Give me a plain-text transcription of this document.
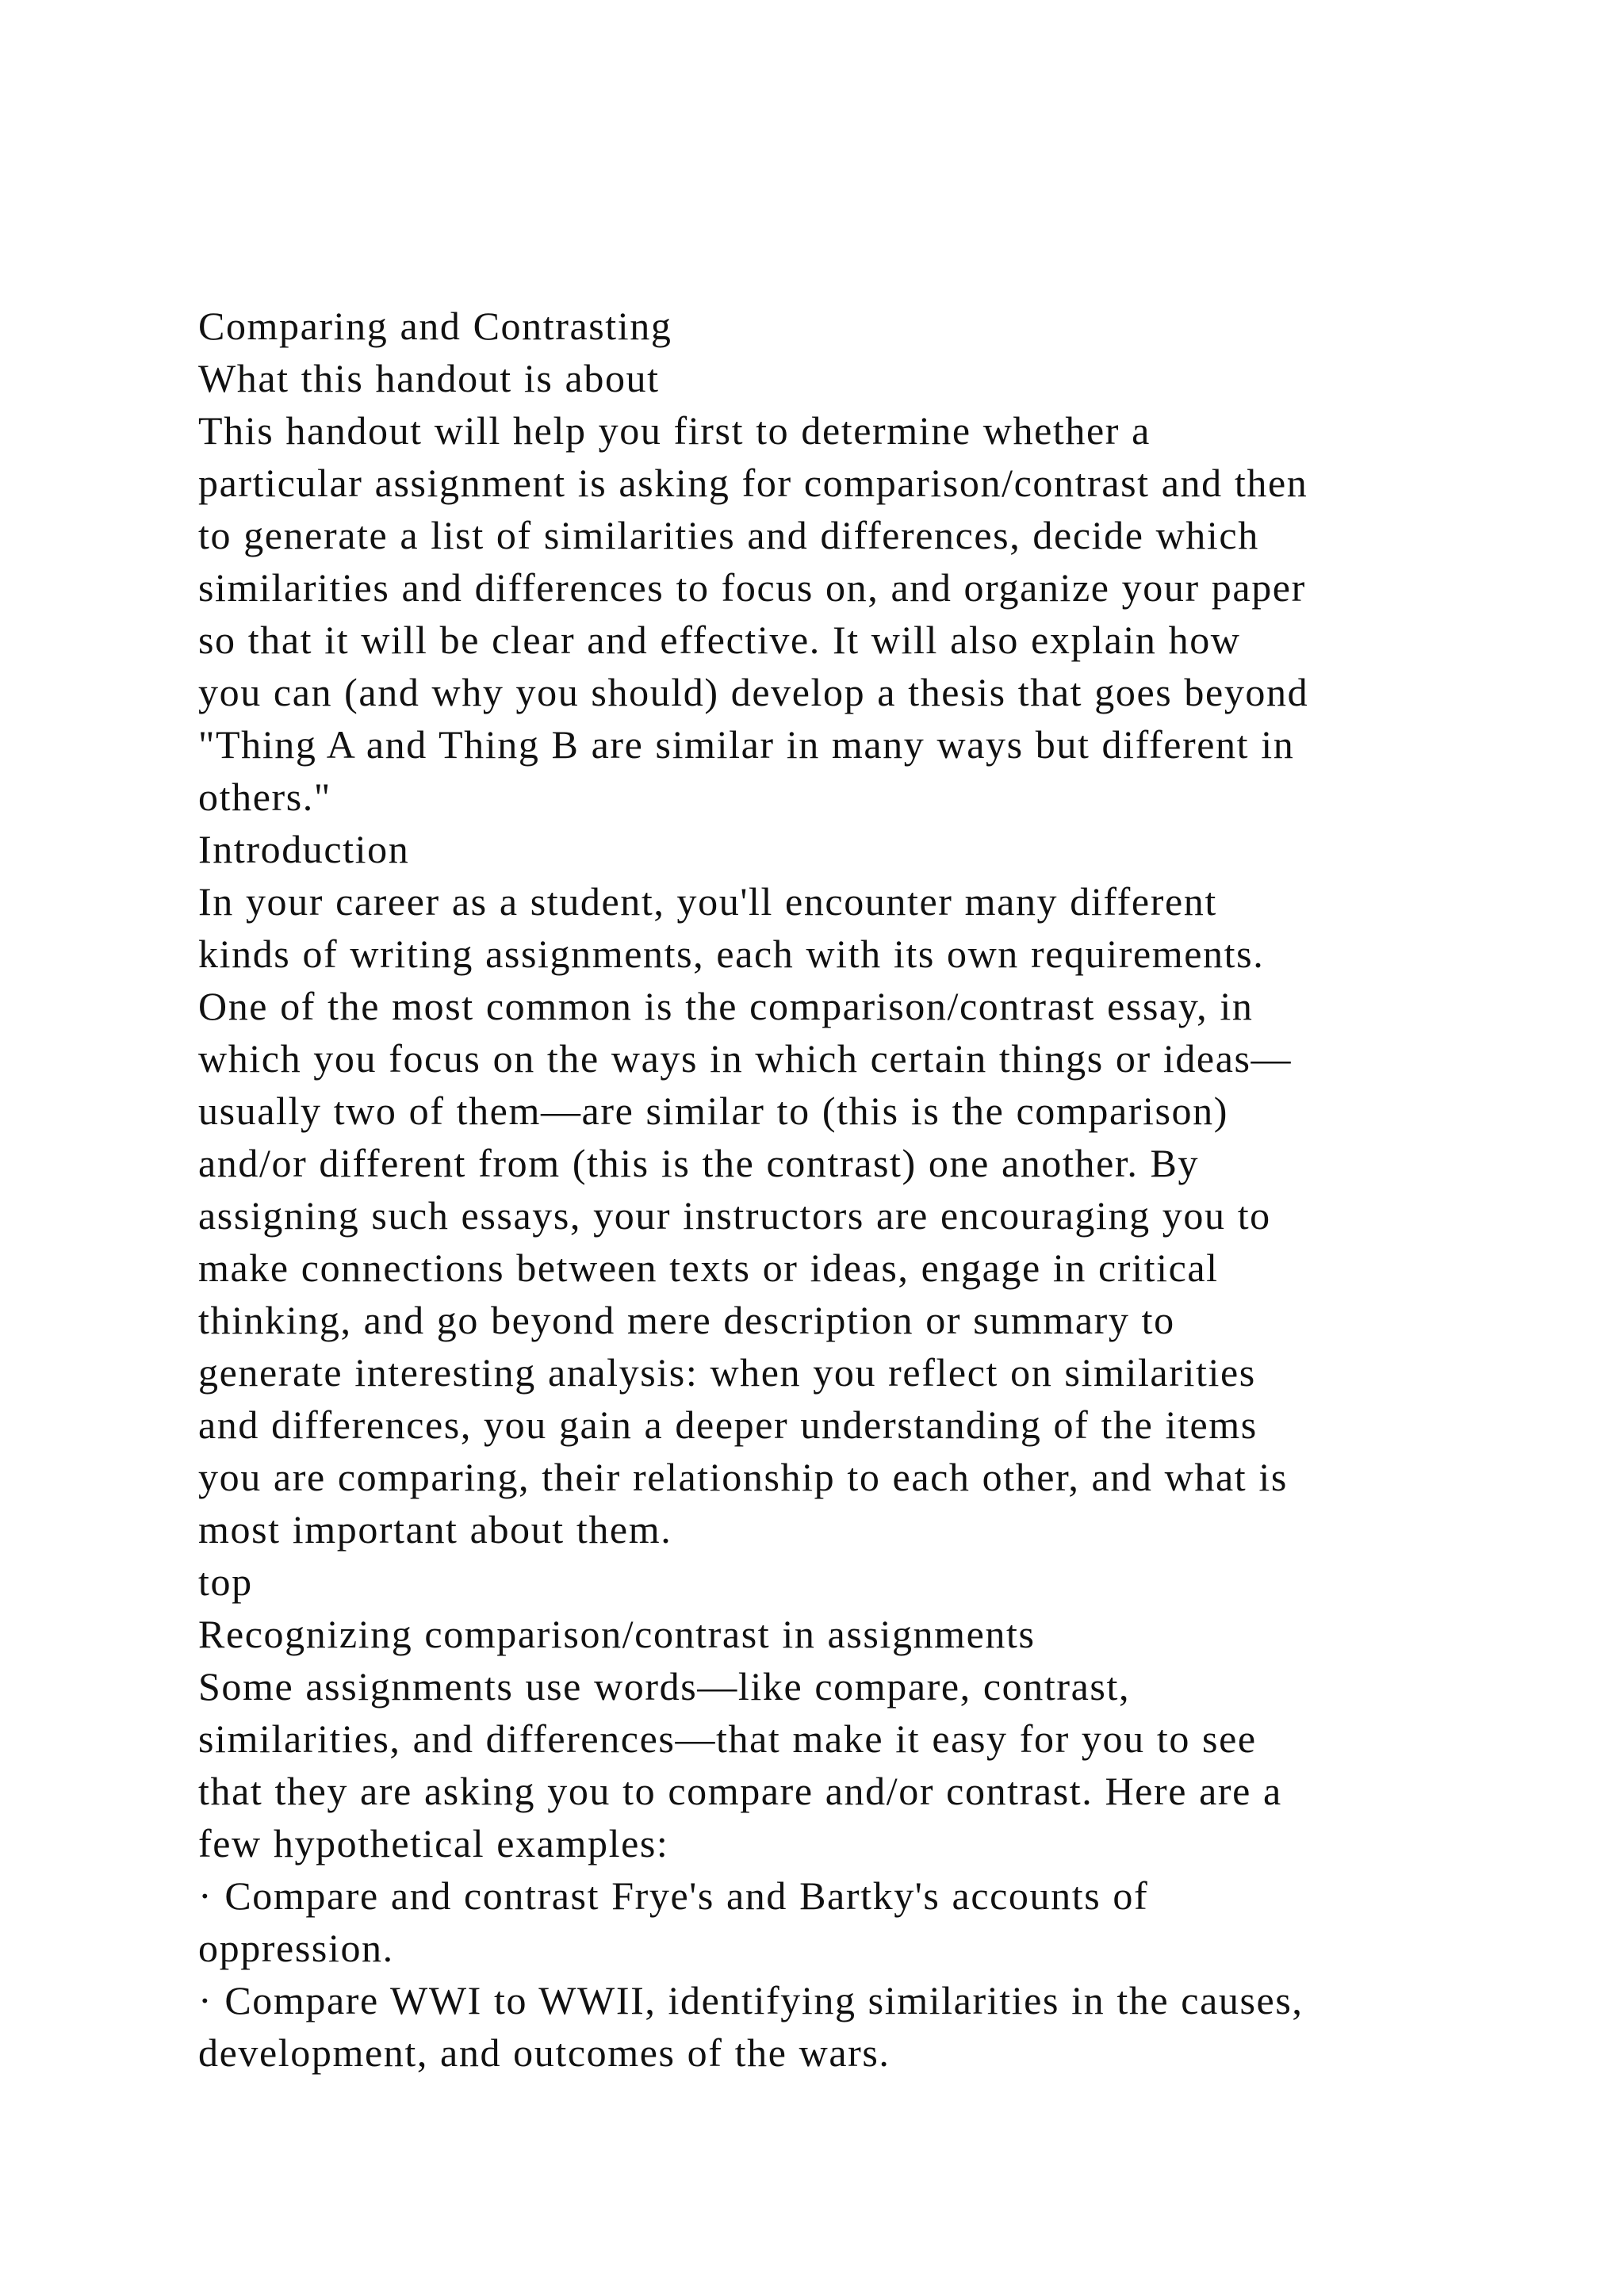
Comparing and Contrasting
What this handout is about
This handout will help you first to determine whether a
particular assignment is asking for comparison/contrast and then
to generate a list of similarities and differences, decide which
similarities and differences to focus on, and organize your paper
so that it will be clear and effective. It will also explain how
you can (and why you should) develop a thesis that goes beyond
"Thing A and Thing B are similar in many ways but different in
others."
Introduction
In your career as a student, you'll encounter many different
kinds of writing assignments, each with its own requirements.
One of the most common is the comparison/contrast essay, in
which you focus on the ways in which certain things or ideas—
usually two of them—are similar to (this is the comparison)
and/or different from (this is the contrast) one another. By
assigning such essays, your instructors are encouraging you to
make connections between texts or ideas, engage in critical
thinking, and go beyond mere description or summary to
generate interesting analysis: when you reflect on similarities
and differences, you gain a deeper understanding of the items
you are comparing, their relationship to each other, and what is
most important about them.
top
Recognizing comparison/contrast in assignments
Some assignments use words—like compare, contrast,
similarities, and differences—that make it easy for you to see
that they are asking you to compare and/or contrast. Here are a
few hypothetical examples:
· Compare and contrast Frye's and Bartky's accounts of
oppression.
· Compare WWI to WWII, identifying similarities in the causes,
development, and outcomes of the wars.
